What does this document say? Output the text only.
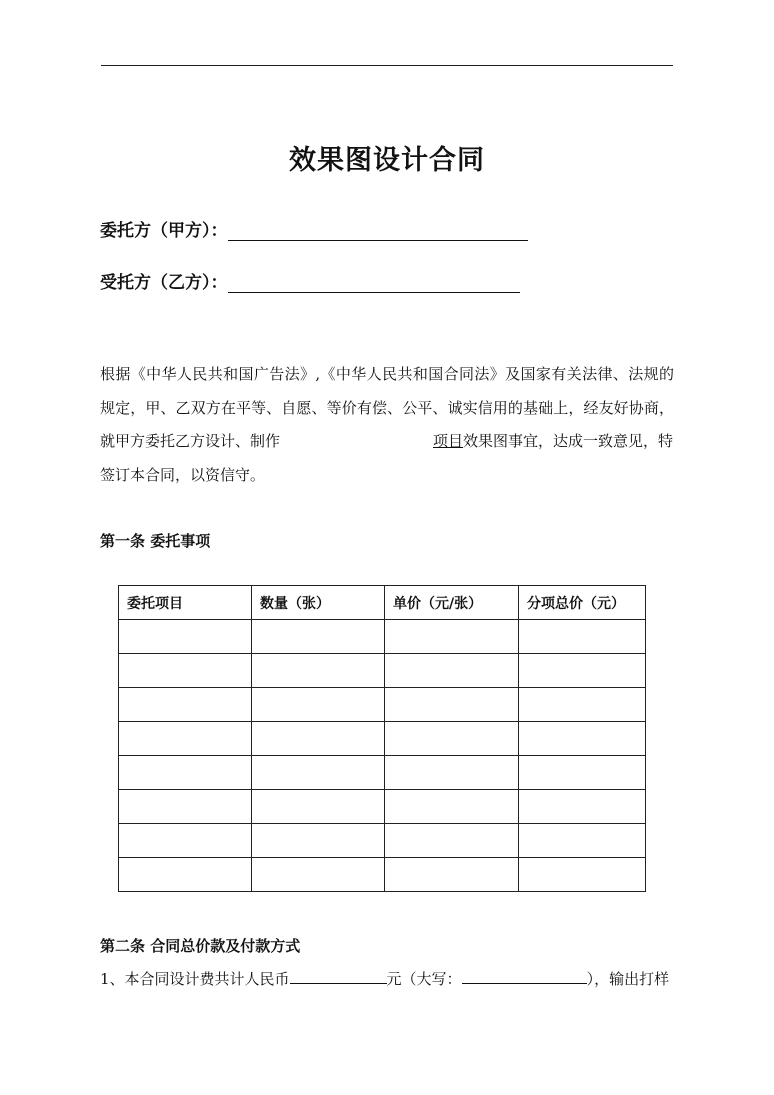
效果图设计合同
委托方（甲方）：
受托方（乙方）：
根据《中华人民共和国广告法》,《中华人民共和国合同法》及国家有关法律、法规的
规定，甲、乙双方在平等、自愿、等价有偿、公平、诚实信用的基础上，经友好协商，
就甲方委托乙方设计、制作	项目效果图事宜，达成一致意见，特
签订本合同，以资信守。
第一条 委托事项
委托项目	数量（张）	单价（元/张）	分项总价（元）

第二条 合同总价款及付款方式
1、本合同设计费共计人民币	元（大写：	），输出打样
